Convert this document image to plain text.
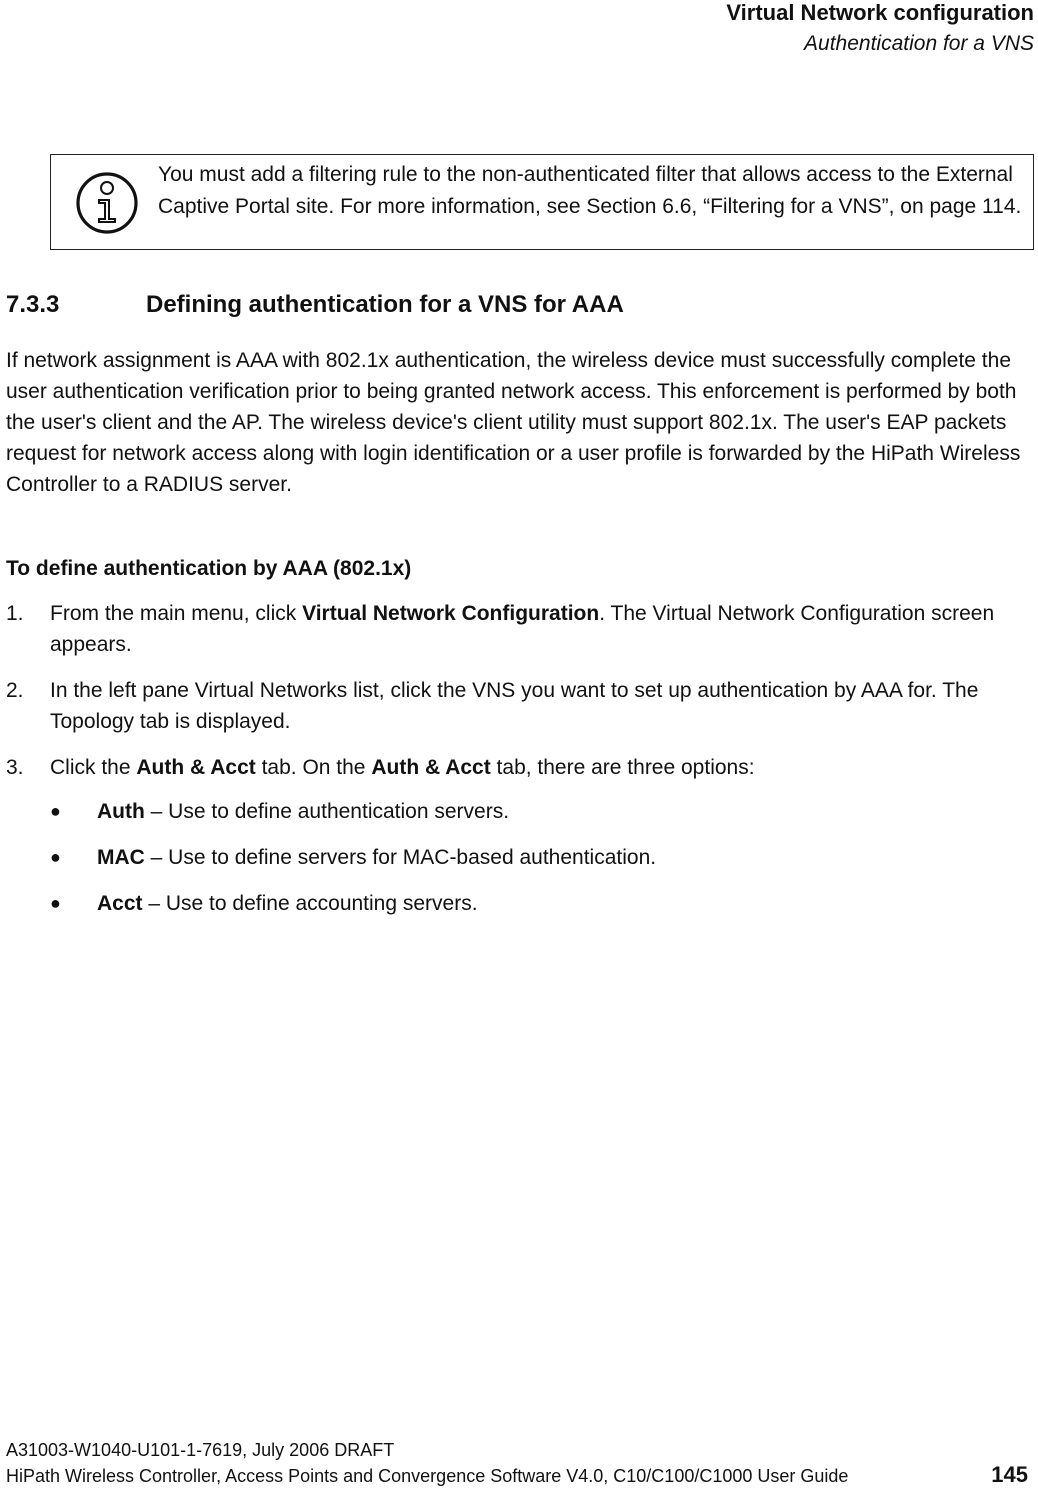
Virtual Network configuration
Authentication for a VNS
You must add a filtering rule to the non-authenticated filter that allows access to the External Captive Portal site. For more information, see Section 6.6, “Filtering for a VNS”, on page 114.
7.3.3	Defining authentication for a VNS for AAA
If network assignment is AAA with 802.1x authentication, the wireless device must successfully complete the user authentication verification prior to being granted network access. This enforcement is performed by both the user's client and the AP. The wireless device's client utility must support 802.1x. The user's EAP packets request for network access along with login identification or a user profile is forwarded by the HiPath Wireless Controller to a RADIUS server.
To define authentication by AAA (802.1x)
1. From the main menu, click Virtual Network Configuration. The Virtual Network Configuration screen appears.
2. In the left pane Virtual Networks list, click the VNS you want to set up authentication by AAA for. The Topology tab is displayed.
3. Click the Auth & Acct tab. On the Auth & Acct tab, there are three options:
● Auth – Use to define authentication servers.
● MAC – Use to define servers for MAC-based authentication.
● Acct – Use to define accounting servers.
A31003-W1040-U101-1-7619, July 2006 DRAFT
HiPath Wireless Controller, Access Points and Convergence Software V4.0, C10/C100/C1000 User Guide	145
